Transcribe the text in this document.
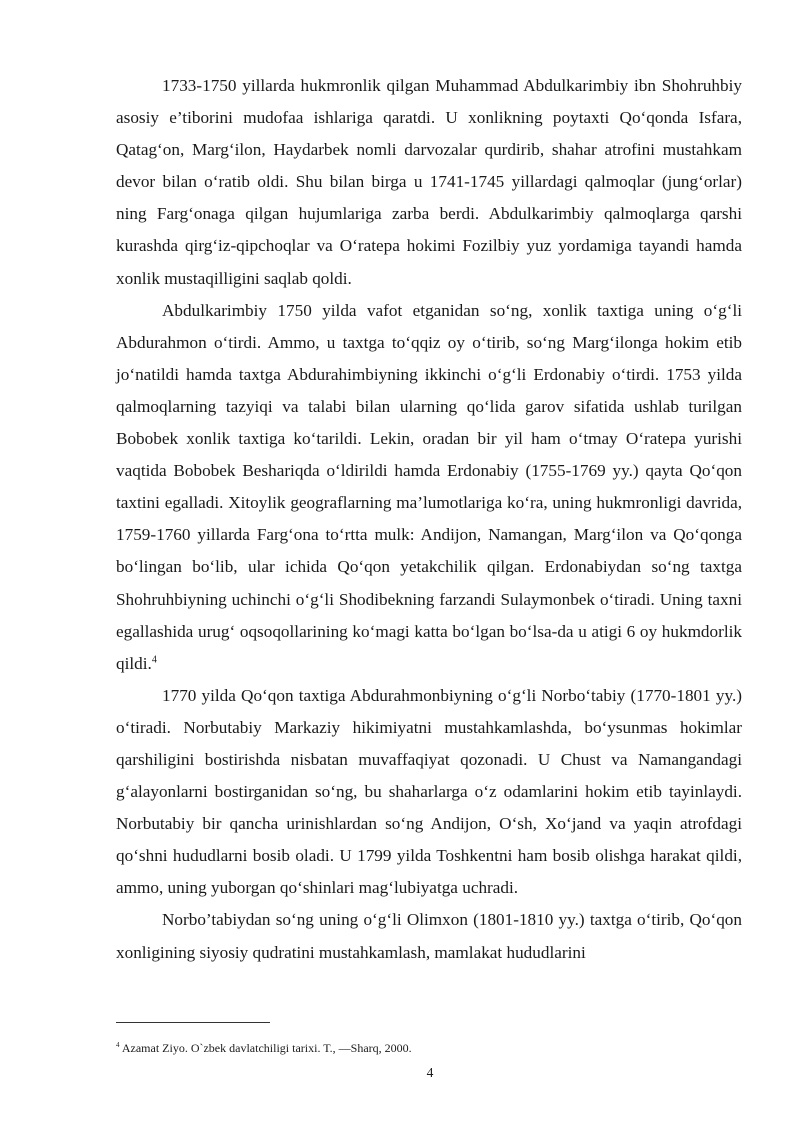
1733-1750 yillarda hukmronlik qilgan Muhammad Abdulkarimbiy ibn Shohruhbiy asosiy e’tiborini mudofaa ishlariga qaratdi. U xonlikning poytaxti Qo‘qonda Isfara, Qatag‘on, Marg‘ilon, Haydarbek nomli darvozalar qurdirib, shahar atrofini mustahkam devor bilan o‘ratib oldi. Shu bilan birga u 1741-1745 yillardagi qalmoqlar (jung‘orlar) ning Farg‘onaga qilgan hujumlariga zarba berdi. Abdulkarimbiy qalmoqlarga qarshi kurashda qirg‘iz-qipchoqlar va O‘ratepa hokimi Fozilbiy yuz yordamiga tayandi hamda xonlik mustaqilligini saqlab qoldi.

Abdulkarimbiy 1750 yilda vafot etganidan so‘ng, xonlik taxtiga uning o‘g‘li Abdurahmon o‘tirdi. Ammo, u taxtga to‘qqiz oy o‘tirib, so‘ng Marg‘ilonga hokim etib jo‘natildi hamda taxtga Abdurahimbiyning ikkinchi o‘g‘li Erdonabiy o‘tirdi. 1753 yilda qalmoqlarning tazyiqi va talabi bilan ularning qo‘lida garov sifatida ushlab turilgan Bobobek xonlik taxtiga ko‘tarildi. Lekin, oradan bir yil ham o‘tmay O‘ratepa yurishi vaqtida Bobobek Beshariqda o‘ldirildi hamda Erdonabiy (1755-1769 yy.) qayta Qo‘qon taxtini egalladi. Xitoylik geograflarning ma’lumotlariga ko‘ra, uning hukmronligi davrida, 1759-1760 yillarda Farg‘ona to‘rtta mulk: Andijon, Namangan, Marg‘ilon va Qo‘qonga bo‘lingan bo‘lib, ular ichida Qo‘qon yetakchilik qilgan. Erdonabiydan so‘ng taxtga Shohruhbiyning uchinchi o‘g‘li Shodibekning farzandi Sulaymonbek o‘tiradi. Uning taxni egallashida urug‘ oqsoqollarining ko‘magi katta bo‘lgan bo‘lsa-da u atigi 6 oy hukmdorlik qildi.$^4$

1770 yilda Qo‘qon taxtiga Abdurahmonbiyning o‘g‘li Norbo‘tabiy (1770-1801 yy.) o‘tiradi. Norbutabiy Markaziy hikimiyatni mustahkamlashda, bo‘ysunmas hokimlar qarshiligini bostirishda nisbatan muvaffaqiyat qozonadi. U Chust va Namangandagi g‘alayonlarni bostirganidan so‘ng, bu shaharlarga o‘z odamlarini hokim etib tayinlaydi. Norbutabiy bir qancha urinishlardan so‘ng Andijon, O‘sh, Xo‘jand va yaqin atrofdagi qo‘shni hududlarni bosib oladi. U 1799 yilda Toshkentni ham bosib olishga harakat qildi, ammo, uning yuborgan qo‘shinlari mag‘lubiyatga uchradi.

Norbo’tabiydan so‘ng uning o‘g‘li Olimxon (1801-1810 yy.) taxtga o‘tirib, Qo‘qon xonligining siyosiy qudratini mustahkamlash, mamlakat hududlarini

$^4$ Azamat Ziyo. O`zbek davlatchiligi tarixi. T., —Sharq, 2000.

4
